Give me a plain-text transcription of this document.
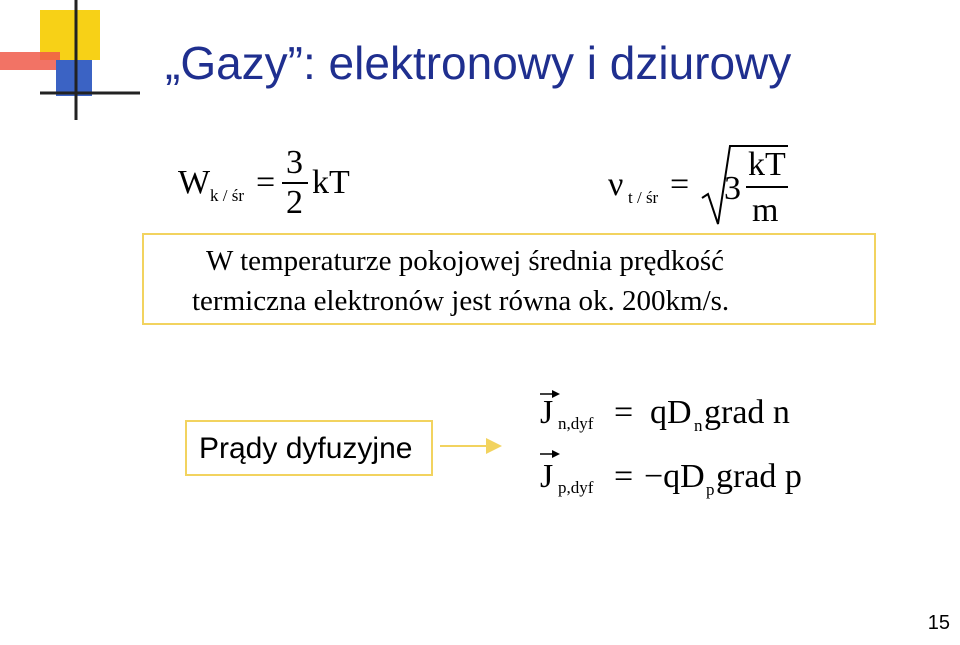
„Gazy”: elektronowy i dziurowy
W k / śr =
3
2
kT	ν t / śr = 3
kT
m
W temperaturze pokojowej średnia prędkość
termiczna elektronów jest równa ok. 200km/s.
Prądy dyfuzyjne
J n,dyf = qD n grad n
J p,dyf = −qD p grad p
15
